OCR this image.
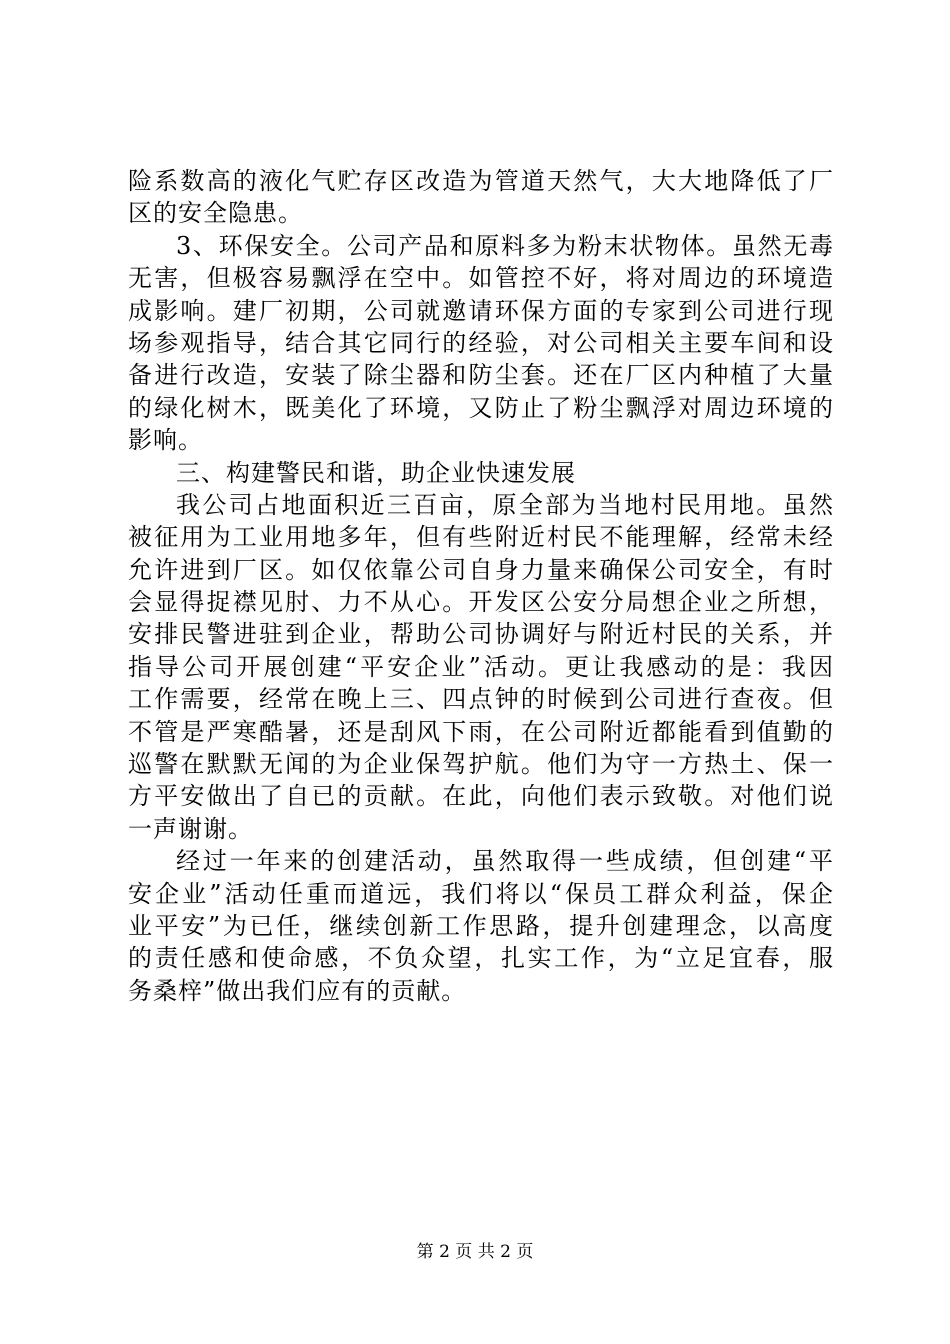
险系数高的液化气贮存区改造为管道天然气，大大地降低了厂
区的安全隐患。
3、环保安全。公司产品和原料多为粉末状物体。虽然无毒
无害，但极容易飘浮在空中。如管控不好，将对周边的环境造
成影响。建厂初期，公司就邀请环保方面的专家到公司进行现
场参观指导，结合其它同行的经验，对公司相关主要车间和设
备进行改造，安装了除尘器和防尘套。还在厂区内种植了大量
的绿化树木，既美化了环境，又防止了粉尘飘浮对周边环境的
影响。
三、构建警民和谐，助企业快速发展
我公司占地面积近三百亩，原全部为当地村民用地。虽然
被征用为工业用地多年，但有些附近村民不能理解，经常未经
允许进到厂区。如仅依靠公司自身力量来确保公司安全，有时
会显得捉襟见肘、力不从心。开发区公安分局想企业之所想，
安排民警进驻到企业，帮助公司协调好与附近村民的关系，并
指导公司开展创建“平安企业”活动。更让我感动的是：我因
工作需要，经常在晚上三、四点钟的时候到公司进行查夜。但
不管是严寒酷暑，还是刮风下雨，在公司附近都能看到值勤的
巡警在默默无闻的为企业保驾护航。他们为守一方热土、保一
方平安做出了自已的贡献。在此，向他们表示致敬。对他们说
一声谢谢。
经过一年来的创建活动，虽然取得一些成绩，但创建“平
安企业”活动任重而道远，我们将以“保员工群众利益，保企
业平安”为已任，继续创新工作思路，提升创建理念，以高度
的责任感和使命感，不负众望，扎实工作，为“立足宜春，服
务桑梓”做出我们应有的贡献。
第 2 页 共 2 页
